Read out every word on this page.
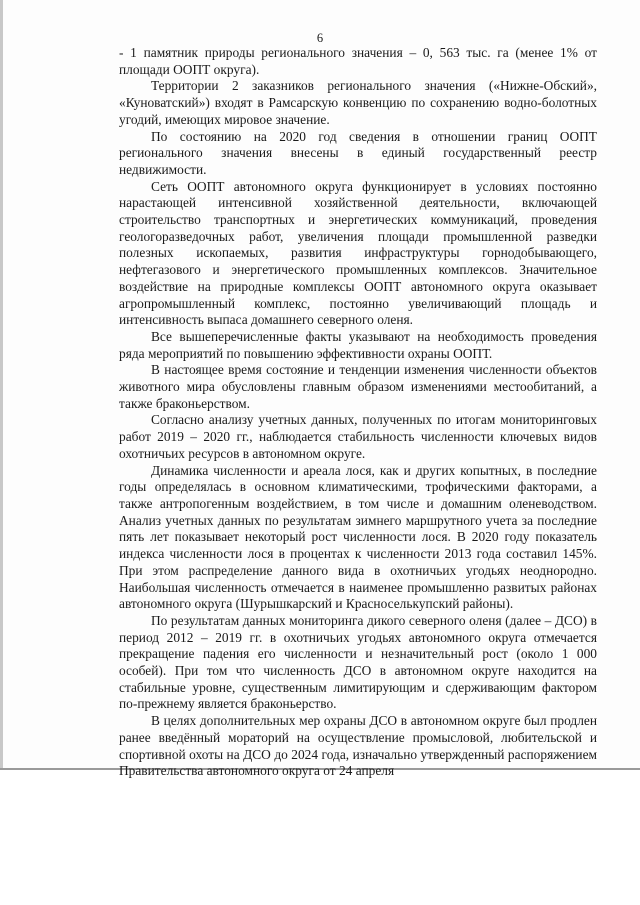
6

- 1 памятник природы регионального значения – 0, 563 тыс. га (менее 1% от площади ООПТ округа).

Территории 2 заказников регионального значения («Нижне-Обский», «Куноватский») входят в Рамсарскую конвенцию по сохранению водно-болотных угодий, имеющих мировое значение.

По состоянию на 2020 год сведения в отношении границ ООПТ регионального значения внесены в единый государственный реестр недвижимости.

Сеть ООПТ автономного округа функционирует в условиях постоянно нарастающей интенсивной хозяйственной деятельности, включающей строительство транспортных и энергетических коммуникаций, проведения геологоразведочных работ, увеличения площади промышленной разведки полезных ископаемых, развития инфраструктуры горнодобывающего, нефтегазового и энергетического промышленных комплексов. Значительное воздействие на природные комплексы ООПТ автономного округа оказывает агропромышленный комплекс, постоянно увеличивающий площадь и интенсивность выпаса домашнего северного оленя.

Все вышеперечисленные факты указывают на необходимость проведения ряда мероприятий по повышению эффективности охраны ООПТ.

В настоящее время состояние и тенденции изменения численности объектов животного мира обусловлены главным образом изменениями местообитаний, а также браконьерством.

Согласно анализу учетных данных, полученных по итогам мониторинговых работ 2019 – 2020 гг., наблюдается стабильность численности ключевых видов охотничьих ресурсов в автономном округе.

Динамика численности и ареала лося, как и других копытных, в последние годы определялась в основном климатическими, трофическими факторами, а также антропогенным воздействием, в том числе и домашним оленеводством. Анализ учетных данных по результатам зимнего маршрутного учета за последние пять лет показывает некоторый рост численности лося. В 2020 году показатель индекса численности лося в процентах к численности 2013 года составил 145%. При этом распределение данного вида в охотничьих угодьях неоднородно. Наибольшая численность отмечается в наименее промышленно развитых районах автономного округа (Шурышкарский и Красноселькупский районы).

По результатам данных мониторинга дикого северного оленя (далее – ДСО) в период 2012 – 2019 гг. в охотничьих угодьях автономного округа отмечается прекращение падения его численности и незначительный рост (около 1 000 особей). При том что численность ДСО в автономном округе находится на стабильные уровне, существенным лимитирующим и сдерживающим фактором по-прежнему является браконьерство.

В целях дополнительных мер охраны ДСО в автономном округе был продлен ранее введённый мораторий на осуществление промысловой, любительской и спортивной охоты на ДСО до 2024 года, изначально утвержденный распоряжением Правительства автономного округа от 24 апреля
